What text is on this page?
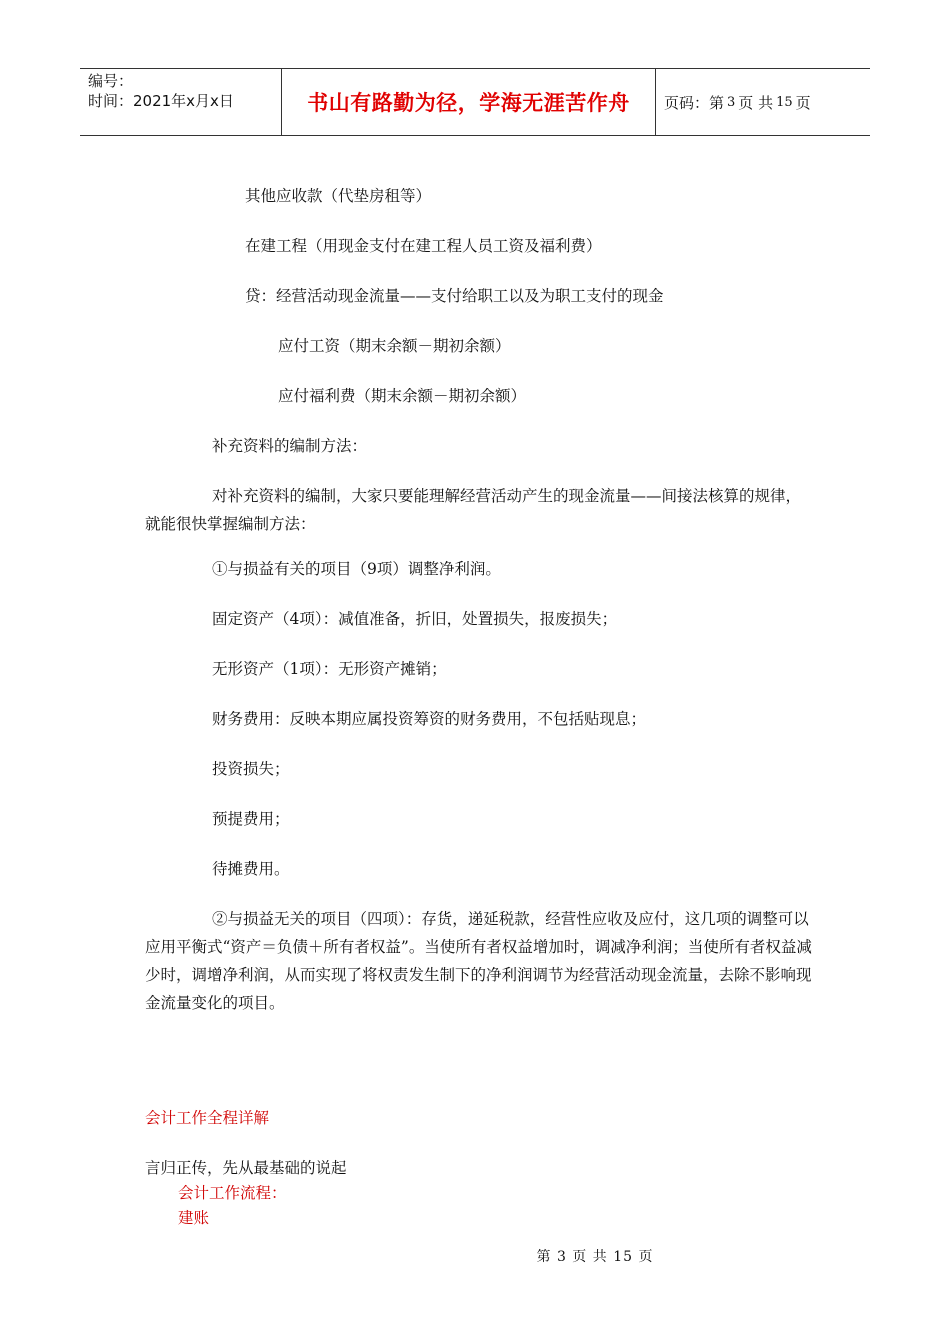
编号：
时间：2021年x月x日	书山有路勤为径，学海无涯苦作舟 页码：第 3 页 共 15 页
其他应收款（代垫房租等）
在建工程（用现金支付在建工程人员工资及福利费）
贷：经营活动现金流量——支付给职工以及为职工支付的现金
应付工资（期末余额－期初余额）
应付福利费（期末余额－期初余额）
补充资料的编制方法：
对补充资料的编制，大家只要能理解经营活动产生的现金流量——间接法核算的规律，就能很快掌握编制方法：
①与损益有关的项目（9项）调整净利润。
固定资产（4项）：减值准备，折旧，处置损失，报废损失；
无形资产（1项）：无形资产摊销；
财务费用：反映本期应属投资筹资的财务费用，不包括贴现息；
投资损失；
预提费用；
待摊费用。
②与损益无关的项目（四项）：存货，递延税款，经营性应收及应付，这几项的调整可以应用平衡式“资产＝负债＋所有者权益”。当使所有者权益增加时，调减净利润；当使所有者权益减少时，调增净利润，从而实现了将权责发生制下的净利润调节为经营活动现金流量，去除不影响现金流量变化的项目。
会计工作全程详解
言归正传，先从最基础的说起
会计工作流程：
建账
第 3 页 共 15 页
